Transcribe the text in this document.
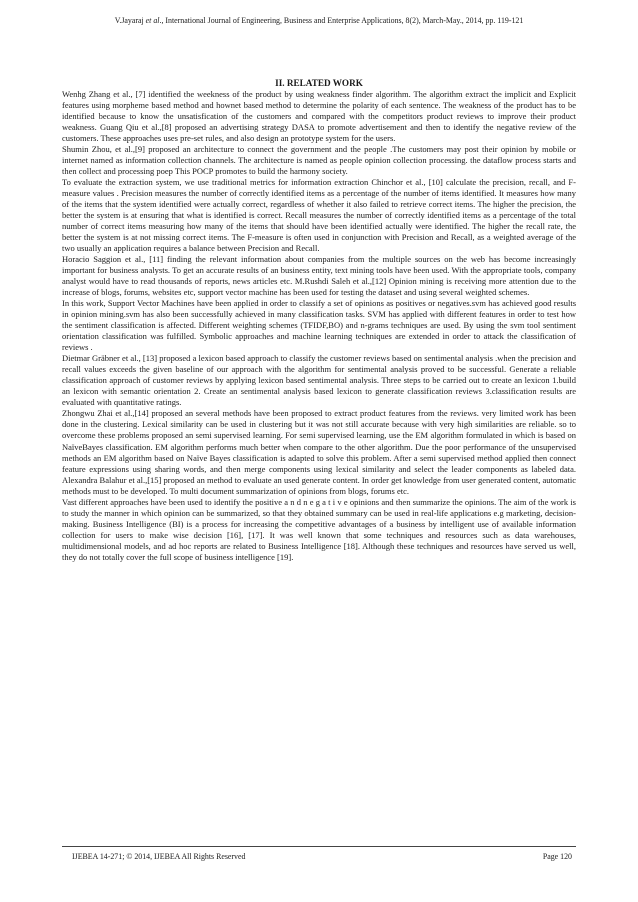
V.Jayaraj et al., International Journal of Engineering, Business and Enterprise Applications, 8(2), March-May., 2014, pp. 119-121
II. RELATED WORK

Wenhg Zhang et al., [7] identified the weekness of the product by using weakness finder algorithm. The algorithm extract the implicit and Explicit features using morpheme based method and hownet based method to determine the polarity of each sentence. The weakness of the product has to be identified because to know the unsatisfication of the customers and compared with the competitors product reviews to improve their product weakness. Guang Qiu et al.,[8] proposed an advertising strategy DASA to promote advertisement and then to identify the negative review of the customers. These approaches uses pre-set rules, and also design an prototype system for the users.

Shumin Zhou, et al.,[9] proposed an architecture to connect the government and the people .The customers may post their opinion by mobile or internet named as information collection channels. The architecture is named as people opinion collection processing. the dataflow process starts and then collect and processing poep This POCP promotes to build the harmony society.

To evaluate the extraction system, we use traditional metrics for information extraction Chinchor et al., [10] calculate the precision, recall, and F-measure values . Precision measures the number of correctly identified items as a percentage of the number of items identified. It measures how many of the items that the system identified were actually correct, regardless of whether it also failed to retrieve correct items. The higher the precision, the better the system is at ensuring that what is identified is correct. Recall measures the number of correctly identified items as a percentage of the total number of correct items measuring how many of the items that should have been identified actually were identified. The higher the recall rate, the better the system is at not missing correct items. The F-measure is often used in conjunction with Precision and Recall, as a weighted average of the two usually an application requires a balance between Precision and Recall.

Horacio Saggion et al., [11] finding the relevant information about companies from the multiple sources on the web has become increasingly important for business analysts. To get an accurate results of an business entity, text mining tools have been used. With the appropriate tools, company analyst would have to read thousands of reports, news articles etc. M.Rushdi Saleh et al.,[12] Opinion mining is receiving more attention due to the increase of blogs, forums, websites etc, support vector machine has been used for testing the dataset and using several weighted schemes.

In this work, Support Vector Machines have been applied in order to classify a set of opinions as positives or negatives.svm has achieved good results in opinion mining.svm has also been successfully achieved in many classification tasks. SVM has applied with different features in order to test how the sentiment classification is affected. Different weighting schemes (TFIDF,BO) and n-grams techniques are used. By using the svm tool sentiment orientation classification was fulfilled. Symbolic approaches and machine learning techniques are extended in order to attack the classification of reviews .

Dietmar Gräbner et al., [13] proposed a lexicon based approach to classify the customer reviews based on sentimental analysis .when the precision and recall values exceeds the given baseline of our approach with the algorithm for sentimental analysis proved to be successful. Generate a reliable classification approach of customer reviews by applying lexicon based sentimental analysis. Three steps to be carried out to create an lexicon 1.build an lexicon with semantic orientation 2. Create an sentimental analysis based lexicon to generate classification reviews 3.classification results are evaluated with quantitative ratings.

Zhongwu Zhai et al.,[14] proposed an several methods have been proposed to extract product features from the reviews. very limited work has been done in the clustering. Lexical similarity can be used in clustering but it was not still accurate because with very high similarities are reliable. so to overcome these problems proposed an semi supervised learning. For semi supervised learning, use the EM algorithm formulated in which is based on NaïveBayes classification. EM algorithm performs much better when compare to the other algorithm. Due the poor performance of the unsupervised methods an EM algorithm based on Naïve Bayes classification is adapted to solve this problem. After a semi supervised method applied then connect feature expressions using sharing words, and then merge components using lexical similarity and select the leader components as labeled data. Alexandra Balahur et al.,[15] proposed an method to evaluate an used generate content. In order get knowledge from user generated content, automatic methods must to be developed. To multi document summarization of opinions from blogs, forums etc.

Vast different approaches have been used to identify the positive a n d n e g a t i v e opinions and then summarize the opinions. The aim of the work is to study the manner in which opinion can be summarized, so that they obtained summary can be used in real-life applications e.g marketing, decision- making. Business Intelligence (BI) is a process for increasing the competitive advantages of a business by intelligent use of available information collection for users to make wise decision [16], [17]. It was well known that some techniques and resources such as data warehouses, multidimensional models, and ad hoc reports are related to Business Intelligence [18]. Although these techniques and resources have served us well, they do not totally cover the full scope of business intelligence [19].

IJEBEA 14-271; © 2014, IJEBEA All Rights Reserved	Page 120
